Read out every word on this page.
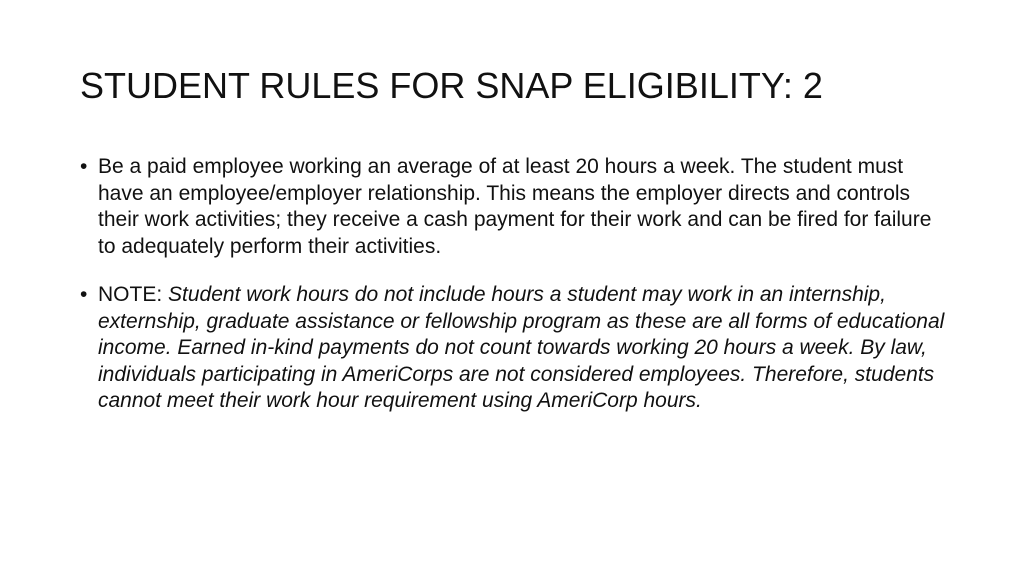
STUDENT RULES FOR SNAP ELIGIBILITY: 2
• Be a paid employee working an average of at least 20 hours a week. The student must have an employee/employer relationship. This means the employer directs and controls their work activities; they receive a cash payment for their work and can be fired for failure to adequately perform their activities.
• NOTE: Student work hours do not include hours a student may work in an internship, externship, graduate assistance or fellowship program as these are all forms of educational income. Earned in-kind payments do not count towards working 20 hours a week. By law, individuals participating in AmeriCorps are not considered employees. Therefore, students cannot meet their work hour requirement using AmeriCorp hours.
